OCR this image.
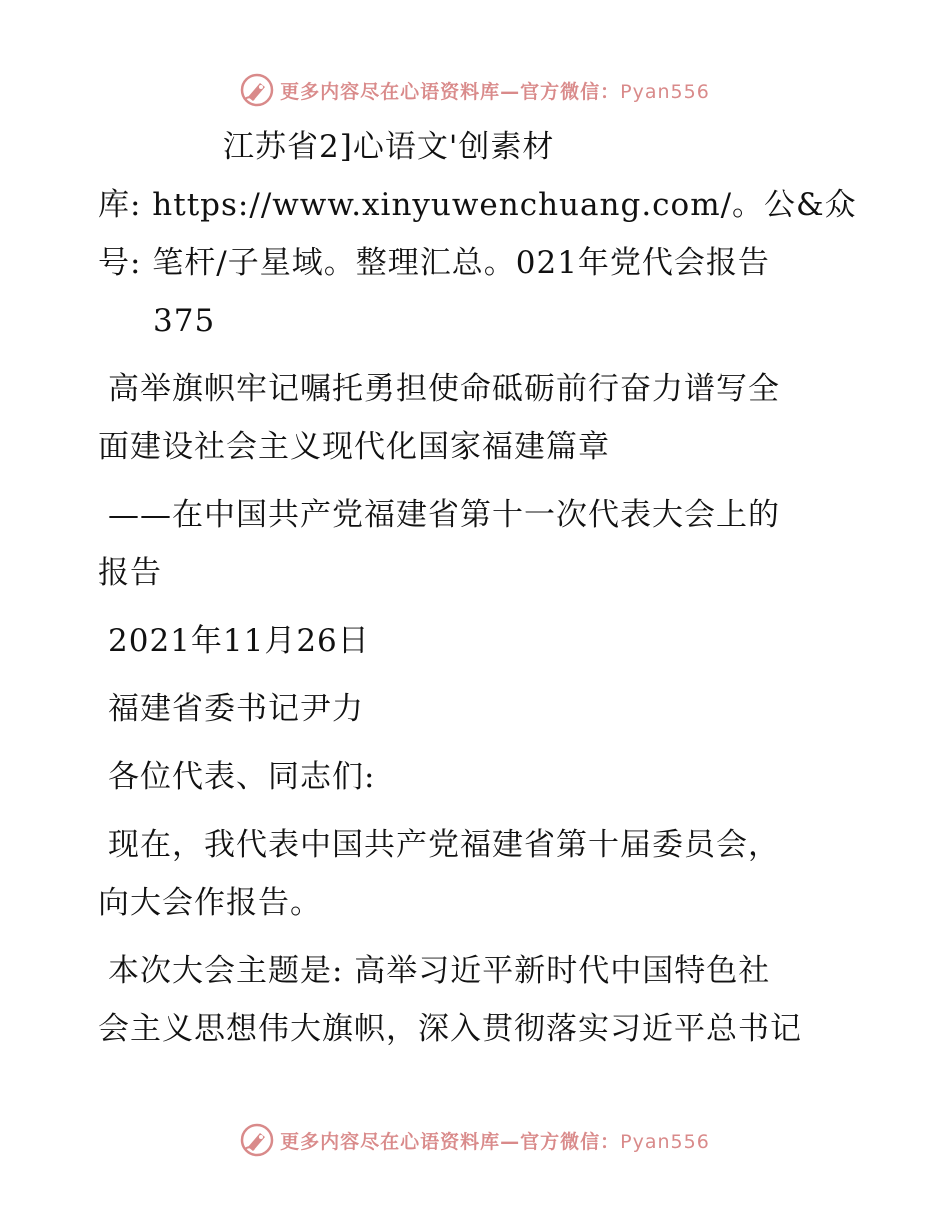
更多内容尽在心语资料库—官方微信：Pyan556
江苏省2]心语文'创素材
库: https://www.xinyuwenchuang.com/。公&众
号: 笔杆/子星域。整理汇总。021年党代会报告
375
高举旗帜牢记嘱托勇担使命砥砺前行奋力谱写全
面建设社会主义现代化国家福建篇章
——在中国共产党福建省第十一次代表大会上的
报告
2021年11月26日
福建省委书记尹力
各位代表、同志们:
现在，我代表中国共产党福建省第十届委员会，
向大会作报告。
本次大会主题是: 高举习近平新时代中国特色社
会主义思想伟大旗帜，深入贯彻落实习近平总书记
更多内容尽在心语资料库—官方微信：Pyan556
